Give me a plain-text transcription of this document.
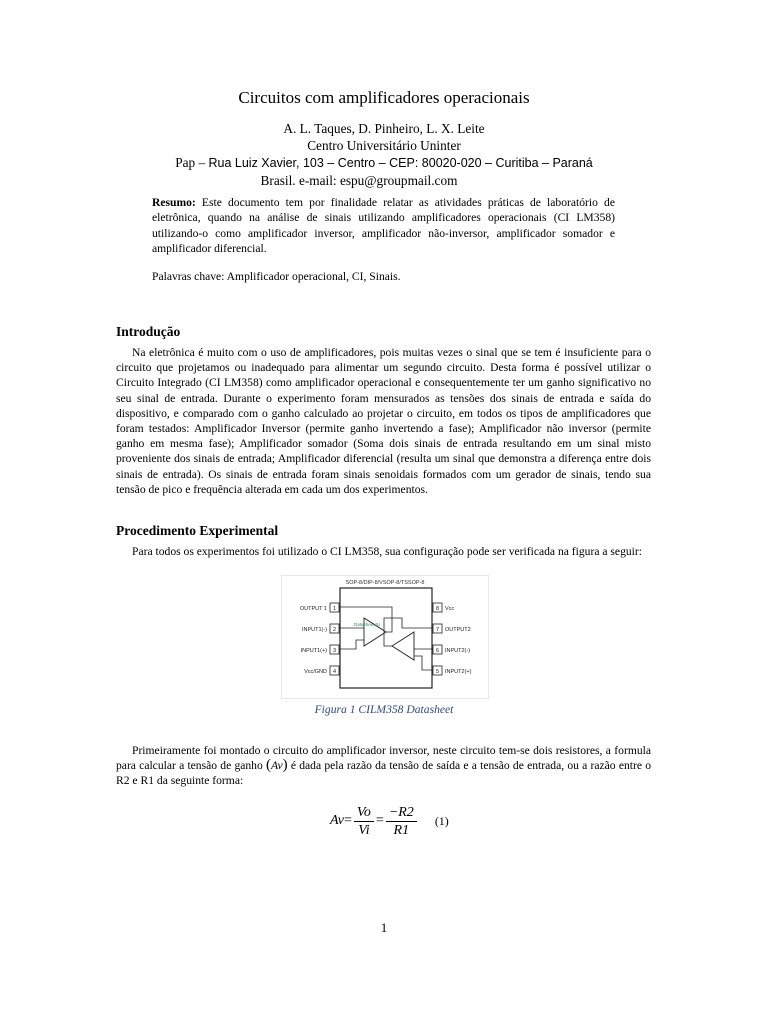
Circuitos com amplificadores operacionais
A. L. Taques, D. Pinheiro, L. X. Leite
Centro Universitário Uninter
Pap – Rua Luiz Xavier, 103 – Centro – CEP: 80020-020 – Curitiba – Paraná
Brasil. e-mail: espu@groupmail.com
Resumo: Este documento tem por finalidade relatar as atividades práticas de laboratório de eletrônica, quando na análise de sinais utilizando amplificadores operacionais (CI LM358) utilizando-o como amplificador inversor, amplificador não-inversor, amplificador somador e amplificador diferencial.
Palavras chave: Amplificador operacional, CI, Sinais.
Introdução

Na eletrônica é muito com o uso de amplificadores, pois muitas vezes o sinal que se tem é insuficiente para o circuito que projetamos ou inadequado para alimentar um segundo circuito. Desta forma é possível utilizar o Circuito Integrado (CI LM358) como amplificador operacional e consequentemente ter um ganho significativo no seu sinal de entrada. Durante o experimento foram mensurados as tensões dos sinais de entrada e saída do dispositivo, e comparado com o ganho calculado ao projetar o circuito, em todos os tipos de amplificadores que foram testados: Amplificador Inversor (permite ganho invertendo a fase); Amplificador não inversor (permite ganho em mesma fase); Amplificador somador (Soma dois sinais de entrada resultando em um sinal misto proveniente dos sinais de entrada; Amplificador diferencial (resulta um sinal que demonstra a diferença entre dois sinais de entrada). Os sinais de entrada foram sinais senoidais formados com um gerador de sinais, tendo sua tensão de pico e frequência alterada em cada um dos experimentos.

Procedimento Experimental

Para todos os experimentos foi utilizado o CI LM358, sua configuração pode ser verificada na figura a seguir:

SOP-8/DIP-8/VSOP-8/TSSOP-8
OUTPUT 1
INPUT1(-)
INPUT1(+)
Vcc/GND
1
2
3
4
Vcc
OUTPUT2
INPUT2(-)
INPUT2(+)
8
7
6
5
Datasheet4U
Figura 1 CILM358 Datasheet

Primeiramente foi montado o circuito do amplificador inversor, neste circuito tem-se dois resistores, a formula para calcular a tensão de ganho (Av) é dada pela razão da tensão de saída e a tensão de entrada, ou a razão entre o R2 e R1 da seguinte forma:

$Av = \frac{Vo}{Vi} = \frac{-R2}{R1} (1)$
1
